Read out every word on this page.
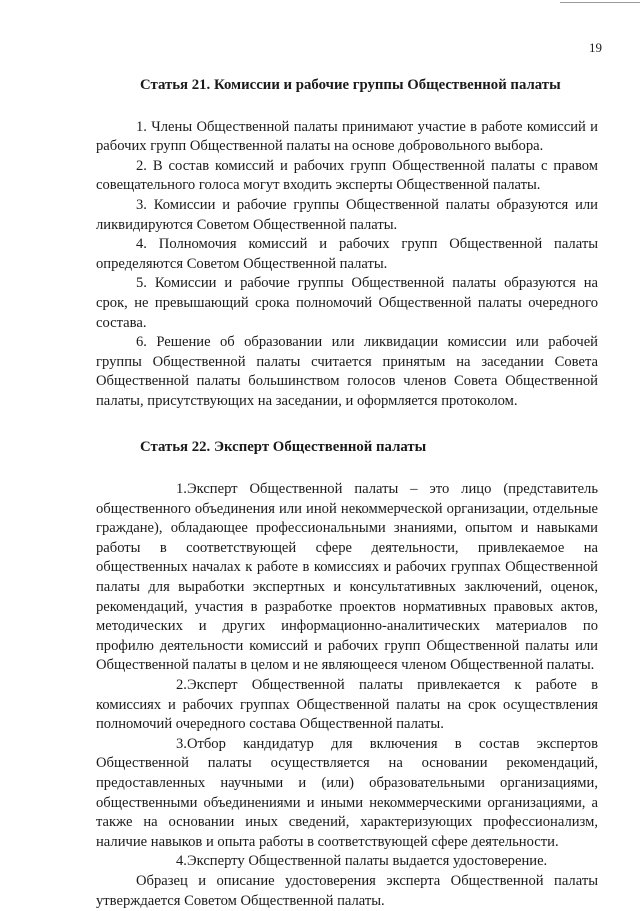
19
Статья 21. Комиссии и рабочие группы Общественной палаты

1. Члены Общественной палаты принимают участие в работе комиссий и рабочих групп Общественной палаты на основе добровольного выбора.

2. В состав комиссий и рабочих групп Общественной палаты с правом совещательного голоса могут входить эксперты Общественной палаты.

3. Комиссии и рабочие группы Общественной палаты образуются или ликвидируются Советом Общественной палаты.

4. Полномочия комиссий и рабочих групп Общественной палаты определяются Советом Общественной палаты.

5. Комиссии и рабочие группы Общественной палаты образуются на срок, не превышающий срока полномочий Общественной палаты очередного состава.

6. Решение об образовании или ликвидации комиссии или рабочей группы Общественной палаты считается принятым на заседании Совета Общественной палаты большинством голосов членов Совета Общественной палаты, присутствующих на заседании, и оформляется протоколом.

Статья 22. Эксперт Общественной палаты

1.Эксперт Общественной палаты – это лицо (представитель общественного объединения или иной некоммерческой организации, отдельные граждане), обладающее профессиональными знаниями, опытом и навыками работы в соответствующей сфере деятельности, привлекаемое на общественных началах к работе в комиссиях и рабочих группах Общественной палаты для выработки экспертных и консультативных заключений, оценок, рекомендаций, участия в разработке проектов нормативных правовых актов, методических и других информационно-аналитических материалов по профилю деятельности комиссий и рабочих групп Общественной палаты или Общественной палаты в целом и не являющееся членом Общественной палаты.

2.Эксперт Общественной палаты привлекается к работе в комиссиях и рабочих группах Общественной палаты на срок осуществления полномочий очередного состава Общественной палаты.

3.Отбор кандидатур для включения в состав экспертов Общественной палаты осуществляется на основании рекомендаций, предоставленных научными и (или) образовательными организациями, общественными объединениями и иными некоммерческими организациями, а также на основании иных сведений, характеризующих профессионализм, наличие навыков и опыта работы в соответствующей сфере деятельности.

4.Эксперту Общественной палаты выдается удостоверение.

Образец и описание удостоверения эксперта Общественной палаты утверждается Советом Общественной палаты.
